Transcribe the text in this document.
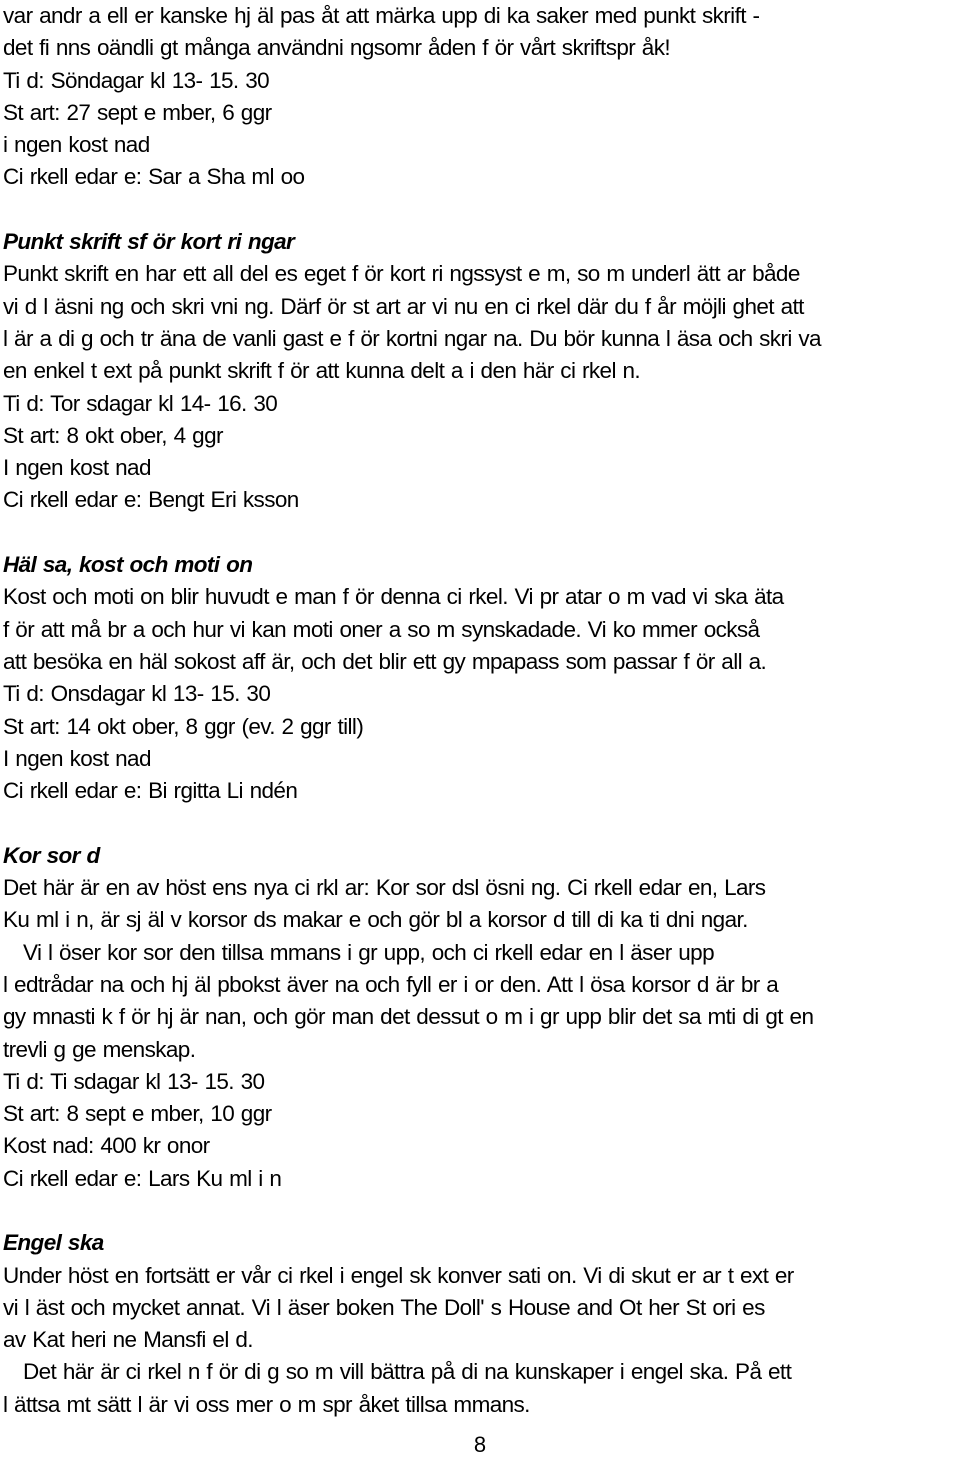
var andr a ell er kanske hj äl pas åt att märka upp di ka saker med punkt skrift -
det fi nns oändli gt många användni ngsomr åden f ör vårt skriftspr åk!
Ti d: Söndagar kl 13- 15. 30
St art: 27 sept e mber, 6 ggr
i ngen kost nad
Ci rkell edar e: Sar a Sha ml oo
Punkt skrift sf ör kort ri ngar
Punkt skrift en har ett all del es eget f ör kort ri ngssyst e m, so m underl ätt ar både
vi d l äsni ng och skri vni ng. Därf ör st art ar vi nu en ci rkel där du f år möjli ghet att
l är a di g och tr äna de vanli gast e f ör kortni ngar na. Du bör kunna l äsa och skri va
en enkel t ext på punkt skrift f ör att kunna delt a i den här ci rkel n.
Ti d: Tor sdagar kl 14- 16. 30
St art: 8 okt ober, 4 ggr
I ngen kost nad
Ci rkell edar e: Bengt Eri ksson
Häl sa, kost och moti on
Kost och moti on blir huvudt e man f ör denna ci rkel. Vi pr atar o m vad vi ska äta
f ör att må br a och hur vi kan moti oner a so m synskadade. Vi ko mmer också
att besöka en häl sokost aff är, och det blir ett gy mpapass som passar f ör all a.
Ti d: Onsdagar kl 13- 15. 30
St art: 14 okt ober, 8 ggr (ev. 2 ggr till)
I ngen kost nad
Ci rkell edar e: Bi rgitta Li ndén
Kor sor d
Det här är en av höst ens nya ci rkl ar: Kor sor dsl ösni ng. Ci rkell edar en, Lars
Ku ml i n, är sj äl v korsor ds makar e och gör bl a korsor d till di ka ti dni ngar.
Vi l öser kor sor den tillsa mmans i gr upp, och ci rkell edar en l äser upp
l edtrådar na och hj äl pbokst äver na och fyll er i or den. Att l ösa korsor d är br a
gy mnasti k f ör hj är nan, och gör man det dessut o m i gr upp blir det sa mti di gt en
trevli g ge menskap.
Ti d: Ti sdagar kl 13- 15. 30
St art: 8 sept e mber, 10 ggr
Kost nad: 400 kr onor
Ci rkell edar e: Lars Ku ml i n
Engel ska
Under höst en fortsätt er vår ci rkel i engel sk konver sati on. Vi di skut er ar t ext er
vi l äst och mycket annat. Vi l äser boken The Doll' s House and Ot her St ori es
av Kat heri ne Mansfi el d.
Det här är ci rkel n f ör di g so m vill bättra på di na kunskaper i engel ska. På ett
l ättsa mt sätt l är vi oss mer o m spr åket tillsa mmans.
8
